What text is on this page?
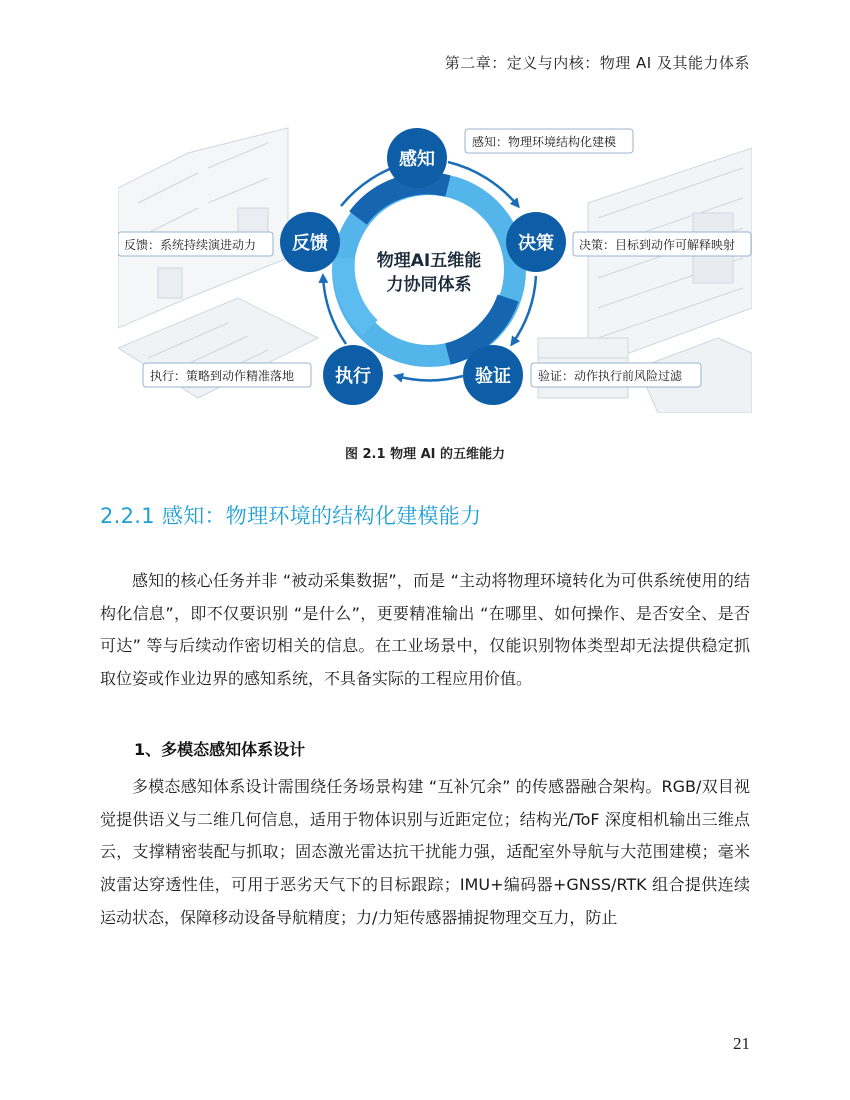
第二章：定义与内核：物理 AI 及其能力体系
物理AI五维能
力协同体系
感知
决策
验证
执行
反馈
感知：物理环境结构化建模
决策：目标到动作可解释映射
验证：动作执行前风险过滤
执行：策略到动作精准落地
反馈：系统持续演进动力
图 2.1 物理 AI 的五维能力
2.2.1 感知：物理环境的结构化建模能力

感知的核心任务并非 “被动采集数据”，而是 “主动将物理环境转化为可供系统使用的结构化信息”，即不仅要识别 “是什么”，更要精准输出 “在哪里、如何操作、是否安全、是否可达” 等与后续动作密切相关的信息。在工业场景中，仅能识别物体类型却无法提供稳定抓取位姿或作业边界的感知系统，不具备实际的工程应用价值。

1、多模态感知体系设计

多模态感知体系设计需围绕任务场景构建 “互补冗余” 的传感器融合架构。RGB/双目视觉提供语义与二维几何信息，适用于物体识别与近距定位；结构光/ToF 深度相机输出三维点云，支撑精密装配与抓取；固态激光雷达抗干扰能力强，适配室外导航与大范围建模；毫米波雷达穿透性佳，可用于恶劣天气下的目标跟踪；IMU+编码器+GNSS/RTK 组合提供连续运动状态，保障移动设备导航精度；力/力矩传感器捕捉物理交互力，防止

21
